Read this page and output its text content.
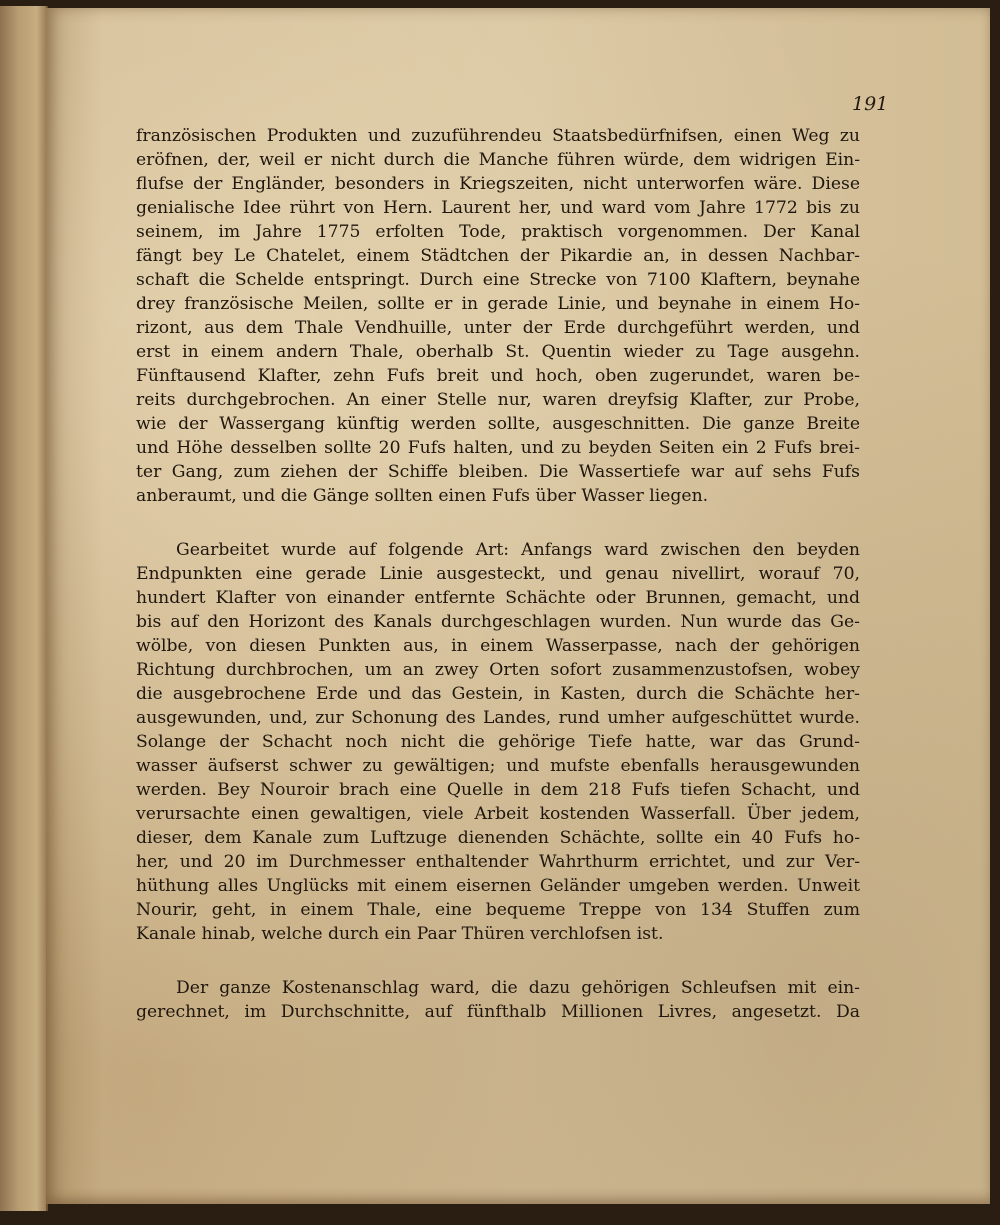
191
französischen Produkten und zuzuführendeu Staatsbedürfnifsen, einen Weg zu
eröfnen, der, weil er nicht durch die Manche führen würde, dem widrigen Ein-
flufse der Engländer, besonders in Kriegszeiten, nicht unterworfen wäre. Diese
genialische Idee rührt von Hern. Laurent her, und ward vom Jahre 1772 bis zu
seinem, im Jahre 1775 erfolten Tode, praktisch vorgenommen. Der Kanal
fängt bey Le Chatelet, einem Städtchen der Pikardie an, in dessen Nachbar-
schaft die Schelde entspringt. Durch eine Strecke von 7100 Klaftern, beynahe
drey französische Meilen, sollte er in gerade Linie, und beynahe in einem Ho-
rizont, aus dem Thale Vendhuille, unter der Erde durchgeführt werden, und
erst in einem andern Thale, oberhalb St. Quentin wieder zu Tage ausgehn.
Fünftausend Klafter, zehn Fufs breit und hoch, oben zugerundet, waren be-
reits durchgebrochen. An einer Stelle nur, waren dreyfsig Klafter, zur Probe,
wie der Wassergang künftig werden sollte, ausgeschnitten. Die ganze Breite
und Höhe desselben sollte 20 Fufs halten, und zu beyden Seiten ein 2 Fufs brei-
ter Gang, zum ziehen der Schiffe bleiben. Die Wassertiefe war auf sehs Fufs
anberaumt, und die Gänge sollten einen Fufs über Wasser liegen.
Gearbeitet wurde auf folgende Art: Anfangs ward zwischen den beyden
Endpunkten eine gerade Linie ausgesteckt, und genau nivellirt, worauf 70,
hundert Klafter von einander entfernte Schächte oder Brunnen, gemacht, und
bis auf den Horizont des Kanals durchgeschlagen wurden. Nun wurde das Ge-
wölbe, von diesen Punkten aus, in einem Wasserpasse, nach der gehörigen
Richtung durchbrochen, um an zwey Orten sofort zusammenzustofsen, wobey
die ausgebrochene Erde und das Gestein, in Kasten, durch die Schächte her-
ausgewunden, und, zur Schonung des Landes, rund umher aufgeschüttet wurde.
Solange der Schacht noch nicht die gehörige Tiefe hatte, war das Grund-
wasser äufserst schwer zu gewältigen; und mufste ebenfalls herausgewunden
werden. Bey Nouroir brach eine Quelle in dem 218 Fufs tiefen Schacht, und
verursachte einen gewaltigen, viele Arbeit kostenden Wasserfall. Über jedem,
dieser, dem Kanale zum Luftzuge dienenden Schächte, sollte ein 40 Fufs ho-
her, und 20 im Durchmesser enthaltender Wahrthurm errichtet, und zur Ver-
hüthung alles Unglücks mit einem eisernen Geländer umgeben werden. Unweit
Nourir, geht, in einem Thale, eine bequeme Treppe von 134 Stuffen zum
Kanale hinab, welche durch ein Paar Thüren verchlofsen ist.
Der ganze Kostenanschlag ward, die dazu gehörigen Schleufsen mit ein-
gerechnet, im Durchschnitte, auf fünfthalb Millionen Livres, angesetzt. Da
